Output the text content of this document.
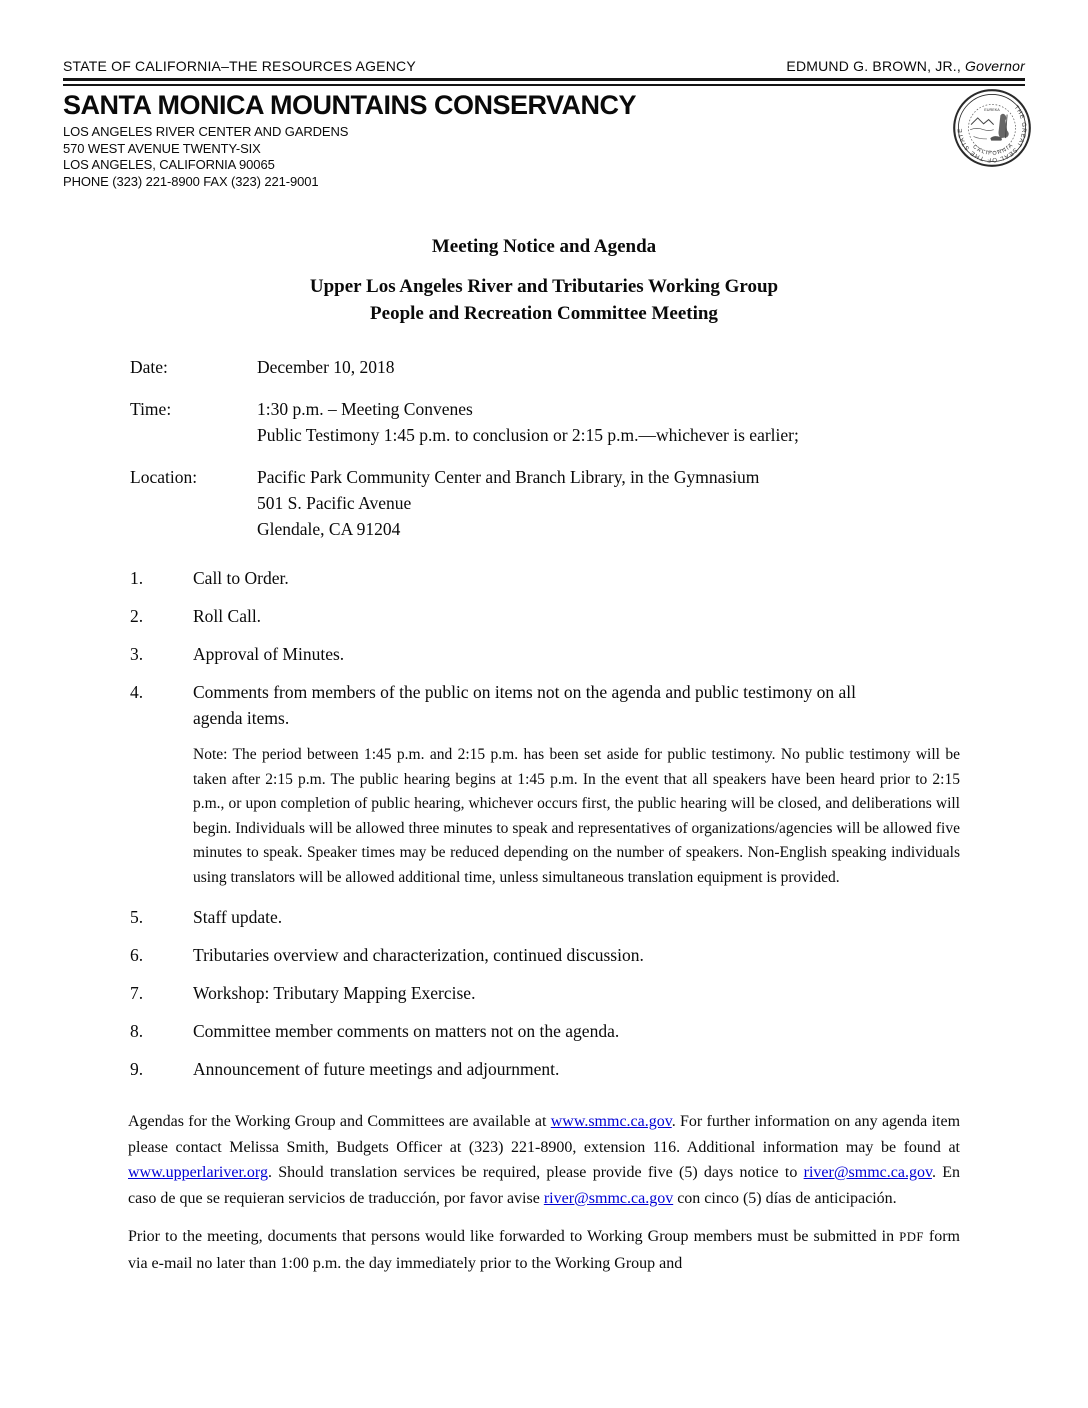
STATE OF CALIFORNIA–THE RESOURCES AGENCY	EDMUND G. BROWN, JR., Governor
SANTA MONICA MOUNTAINS CONSERVANCY
LOS ANGELES RIVER CENTER AND GARDENS
570 WEST AVENUE TWENTY-SIX
LOS ANGELES, CALIFORNIA 90065
PHONE (323) 221-8900 FAX (323) 221-9001
THE GREAT SEAL OF THE STATE
CALIFORNIA
EUREKA
Meeting Notice and Agenda
Upper Los Angeles River and Tributaries Working Group
People and Recreation Committee Meeting
Date:	December 10, 2018
Time:	1:30 p.m. – Meeting Convenes
Public Testimony 1:45 p.m. to conclusion or 2:15 p.m.—whichever is earlier;
Location:	Pacific Park Community Center and Branch Library, in the Gymnasium
501 S. Pacific Avenue
Glendale, CA 91204
1.	Call to Order.
2.	Roll Call.
3.	Approval of Minutes.
4.	Comments from members of the public on items not on the agenda and public testimony on all agenda items.
Note: The period between 1:45 p.m. and 2:15 p.m. has been set aside for public testimony. No public testimony will be taken after 2:15 p.m. The public hearing begins at 1:45 p.m. In the event that all speakers have been heard prior to 2:15 p.m., or upon completion of public hearing, whichever occurs first, the public hearing will be closed, and deliberations will begin. Individuals will be allowed three minutes to speak and representatives of organizations/agencies will be allowed five minutes to speak. Speaker times may be reduced depending on the number of speakers. Non-English speaking individuals using translators will be allowed additional time, unless simultaneous translation equipment is provided.
5.	Staff update.
6.	Tributaries overview and characterization, continued discussion.
7.	Workshop: Tributary Mapping Exercise.
8.	Committee member comments on matters not on the agenda.
9.	Announcement of future meetings and adjournment.

Agendas for the Working Group and Committees are available at www.smmc.ca.gov. For further information on any agenda item please contact Melissa Smith, Budgets Officer at (323) 221-8900, extension 116. Additional information may be found at www.upperlariver.org. Should translation services be required, please provide five (5) days notice to river@smmc.ca.gov. En caso de que se requieran servicios de traducción, por favor avise river@smmc.ca.gov con cinco (5) días de anticipación.

Prior to the meeting, documents that persons would like forwarded to Working Group members must be submitted in PDF form via e-mail no later than 1:00 p.m. the day immediately prior to the Working Group and
